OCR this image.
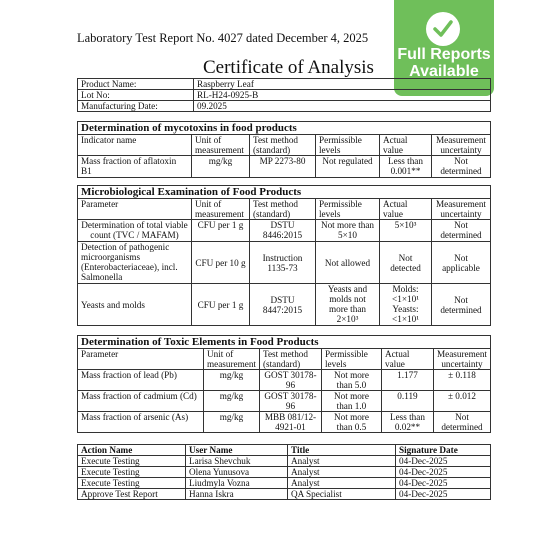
Laboratory Test Report No. 4027 dated December 4, 2025
Full Reports
Available
Certificate of Analysis
Product Name:	Raspberry Leaf
Lot No:	RL-H24-0925-B
Manufacturing Date:	09.2025
Determination of mycotoxins in food products					
Indicator name	Unit of measurement	Test method (standard)	Permissible levels	Actual value	Measurement uncertainty
Mass fraction of aflatoxin B1	mg/kg	MP 2273-80	Not regulated	Less than 0.001**	Not determined
Microbiological Examination of Food Products					
Parameter	Unit of measurement	Test method (standard)	Permissible levels	Actual value	Measurement uncertainty
Determination of total viable count (TVC / MAFAM)	CFU per 1 g	DSTU 8446:2015	Not more than 5×10	5×10³	Not determined
Detection of pathogenic microorganisms (Enterobacteriaceae), incl. Salmonella	CFU per 10 g	Instruction 1135-73	Not allowed	Not detected	Not applicable
Yeasts and molds	CFU per 1 g	DSTU 8447:2015	Yeasts and molds not more than 2×10³	Molds: <1×10¹ Yeasts: <1×10¹	Not determined
Determination of Toxic Elements in Food Products					
Parameter	Unit of measurement	Test method (standard)	Permissible levels	Actual value	Measurement uncertainty
Mass fraction of lead (Pb)	mg/kg	GOST 30178-96	Not more than 5.0	1.177	± 0.118
Mass fraction of cadmium (Cd)	mg/kg	GOST 30178-96	Not more than 1.0	0.119	± 0.012
Mass fraction of arsenic (As)	mg/kg	MBB 081/12-4921-01	Not more than 0.5	Less than 0.02**	Not determined
Action Name	User Name	Title	Signature Date
Execute Testing	Larisa Shevchuk	Analyst	04-Dec-2025
Execute Testing	Olena Yunusova	Analyst	04-Dec-2025
Execute Testing	Liudmyla Vozna	Analyst	04-Dec-2025
Approve Test Report	Hanna Iskra	QA Specialist	04-Dec-2025
